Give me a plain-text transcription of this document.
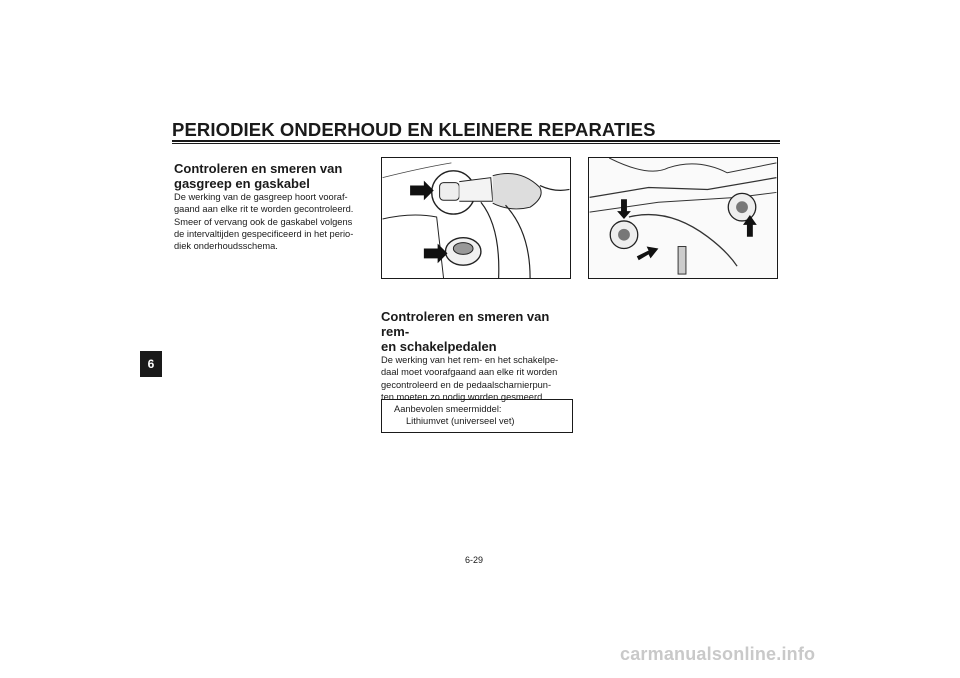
PERIODIEK ONDERHOUD EN KLEINERE REPARATIES
6
Controleren en smeren van
gasgreep en gaskabel

De werking van de gasgreep hoort vooraf-
gaand aan elke rit te worden gecontroleerd.
Smeer of vervang ook de gaskabel volgens
de intervaltijden gespecificeerd in het perio-
diek onderhoudsschema.

Controleren en smeren van rem-
en schakelpedalen

De werking van het rem- en het schakelpe-
daal moet voorafgaand aan elke rit worden
gecontroleerd en de pedaalscharnierpun-
ten moeten zo nodig worden gesmeerd.

Aanbevolen smeermiddel:
Lithiumvet (universeel vet)
6-29
carmanualsonline.info
